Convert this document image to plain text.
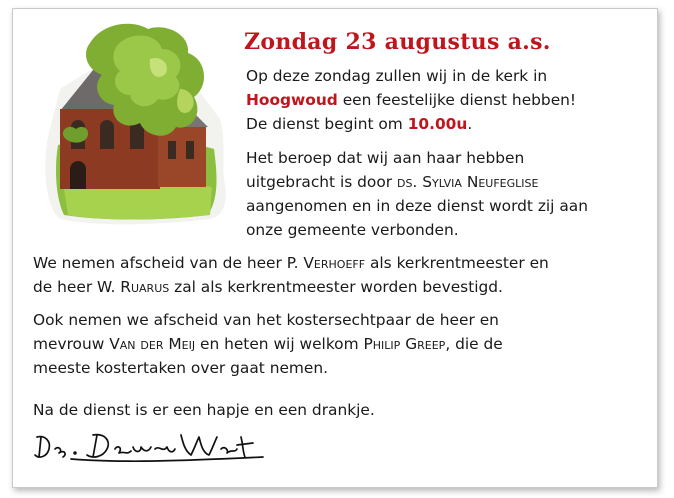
Zondag 23 augustus a.s.

Op deze zondag zullen wij in de kerk in

Hoogwoud een feestelijke dienst hebben!

De dienst begint om 10.00u.

Het beroep dat wij aan haar hebben

uitgebracht is door ds. Sylvia Neufeglise

aangenomen en in deze dienst wordt zij aan

onze gemeente verbonden.

We nemen afscheid van de heer P. Verhoeff als kerkrentmeester en

de heer W. Ruarus zal als kerkrentmeester worden bevestigd.

Ook nemen we afscheid van het kostersechtpaar de heer en

mevrouw Van der Meij en heten wij welkom Philip Greep, die de

meeste kostertaken over gaat nemen.

Na de dienst is er een hapje en een drankje.
